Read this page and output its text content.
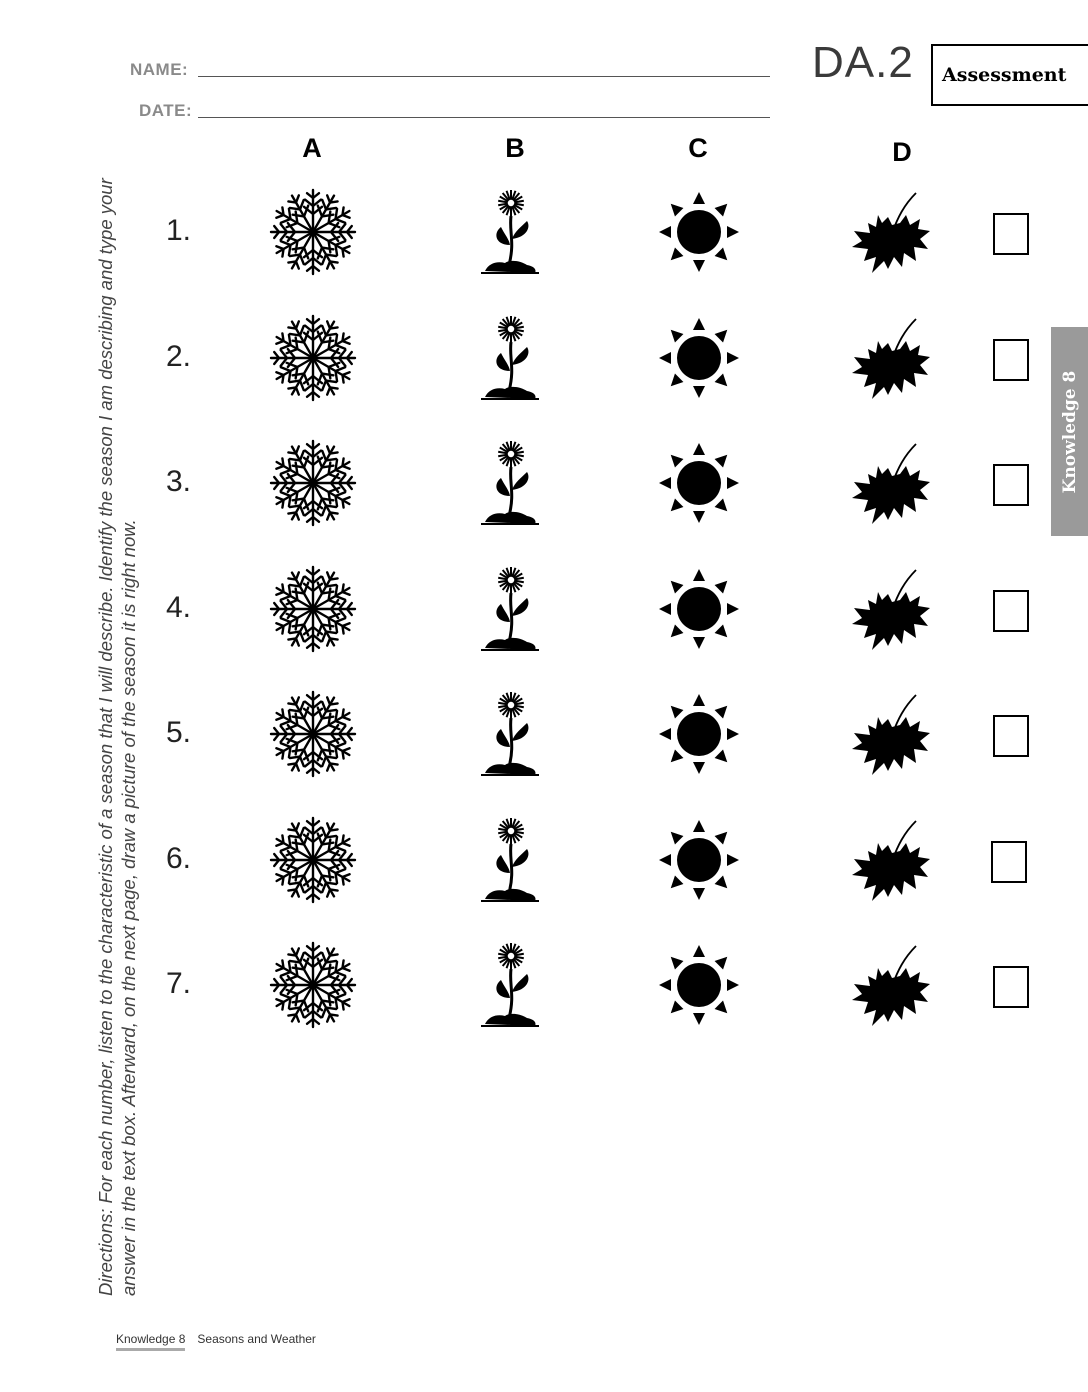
NAME:
DATE:
DA.2 Assessment
Knowledge 8
Directions: For each number, listen to the characteristic of a season that I will describe. Identify the season I am describing and type your answer in the text box. Afterward, on the next page, draw a picture of the season it is right now.
A	B	C	D
1.
2.
3.
4.
5.
6.
7.
Knowledge 8 Seasons and Weather
